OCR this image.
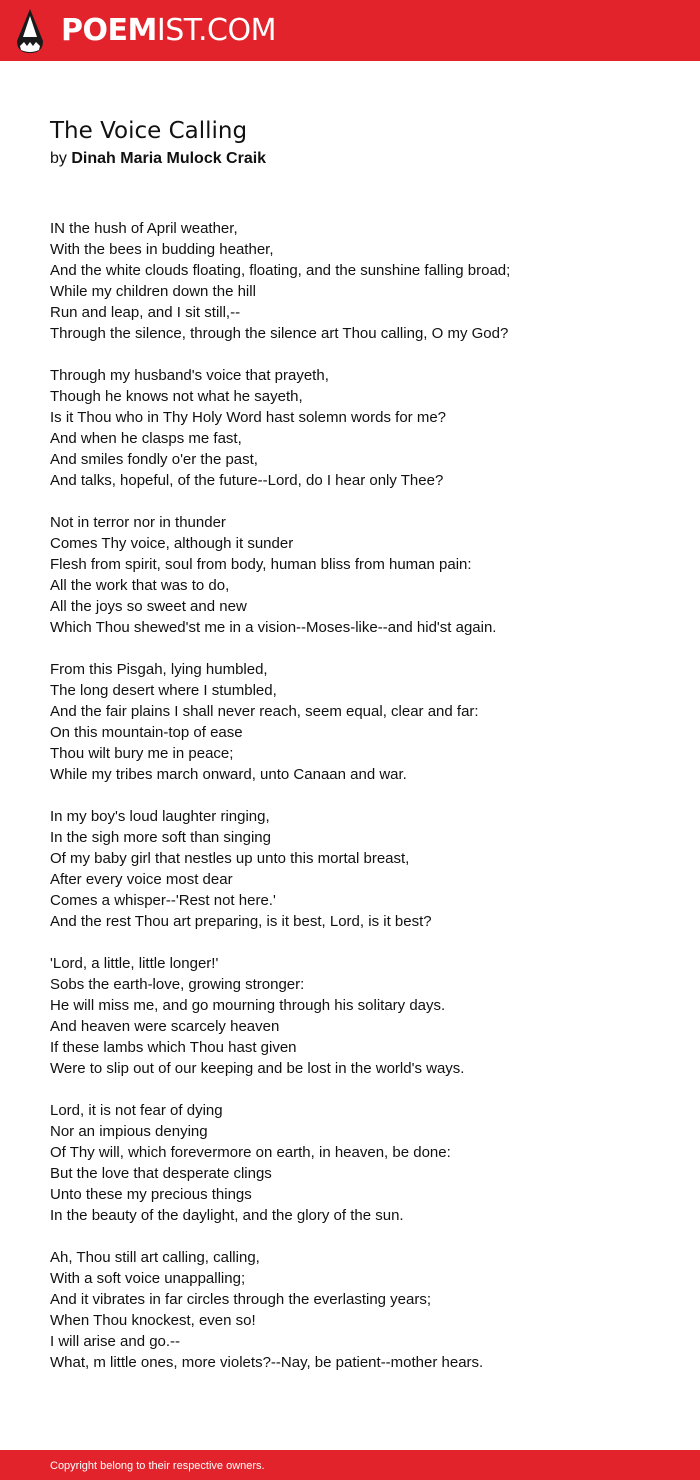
POEMIST.COM
The Voice Calling
by Dinah Maria Mulock Craik
IN the hush of April weather,
With the bees in budding heather,
And the white clouds floating, floating, and the sunshine falling broad;
While my children down the hill
Run and leap, and I sit still,--
Through the silence, through the silence art Thou calling, O my God?
Through my husband's voice that prayeth,
Though he knows not what he sayeth,
Is it Thou who in Thy Holy Word hast solemn words for me?
And when he clasps me fast,
And smiles fondly o'er the past,
And talks, hopeful, of the future--Lord, do I hear only Thee?
Not in terror nor in thunder
Comes Thy voice, although it sunder
Flesh from spirit, soul from body, human bliss from human pain:
All the work that was to do,
All the joys so sweet and new
Which Thou shewed'st me in a vision--Moses-like--and hid'st again.
From this Pisgah, lying humbled,
The long desert where I stumbled,
And the fair plains I shall never reach, seem equal, clear and far:
On this mountain-top of ease
Thou wilt bury me in peace;
While my tribes march onward, unto Canaan and war.
In my boy's loud laughter ringing,
In the sigh more soft than singing
Of my baby girl that nestles up unto this mortal breast,
After every voice most dear
Comes a whisper--'Rest not here.'
And the rest Thou art preparing, is it best, Lord, is it best?
'Lord, a little, little longer!'
Sobs the earth-love, growing stronger:
He will miss me, and go mourning through his solitary days.
And heaven were scarcely heaven
If these lambs which Thou hast given
Were to slip out of our keeping and be lost in the world's ways.
Lord, it is not fear of dying
Nor an impious denying
Of Thy will, which forevermore on earth, in heaven, be done:
But the love that desperate clings
Unto these my precious things
In the beauty of the daylight, and the glory of the sun.
Ah, Thou still art calling, calling,
With a soft voice unappalling;
And it vibrates in far circles through the everlasting years;
When Thou knockest, even so!
I will arise and go.--
What, m little ones, more violets?--Nay, be patient--mother hears.
Copyright belong to their respective owners.
